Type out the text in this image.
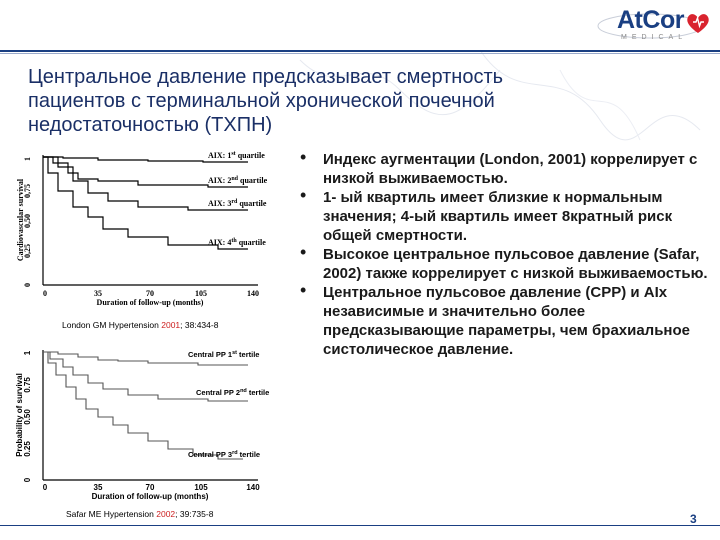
AtCor
MEDICAL
Центральное давление предсказывает смертность
пациентов с терминальной хронической почечной
недостаточностью (ТХПН)
1
0,75
0,50
0,25
0
Cardiovascular survival
0	35	70	105	140
Duration of follow-up (months)
AIX: 1st quartile
AIX: 2nd quartile
AIX: 3rd quartile
AIX: 4th quartile
London GM Hypertension 2001; 38:434-8
1
0.75
0.50
0.25
0
Probability of survival
0	35	70	105	140
Duration of follow-up (months)
Central PP 1st tertile
Central PP 2nd tertile
Central PP 3rd tertile
Safar ME Hypertension 2002; 39:735-8
• Индекс аугментации (London, 2001) коррелирует с низкой выживаемостью.
• 1- ый квартиль имеет близкие к нормальным значения; 4-ый квартиль имеет 8кратный риск общей смертности.
• Высокое центральное пульсовое давление (Safar, 2002) также коррелирует с низкой выживаемостью.
• Центральное пульсовое давление (СРР) и AIx независимые и значительно более предсказывающие параметры, чем брахиальное систолическое давление.
3
